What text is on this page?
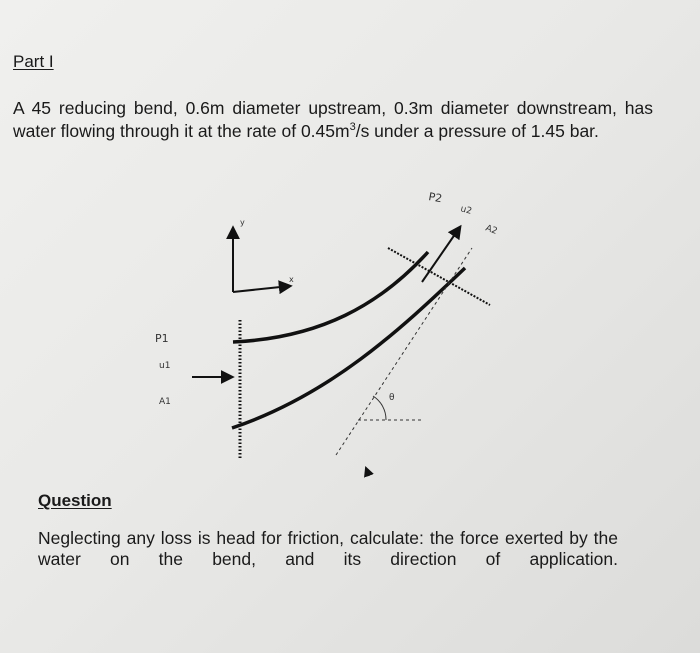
Part I
A 45 reducing bend, 0.6m diameter upstream, 0.3m diameter downstream, has water flowing through it at the rate of $0.45m^3/s$ under a pressure of 1.45 bar.
y
x
θ
P1
u1
A1
P2
u2
A2
Question
Neglecting any loss is head for friction, calculate: the force exerted by the water on the bend, and its direction of application.
